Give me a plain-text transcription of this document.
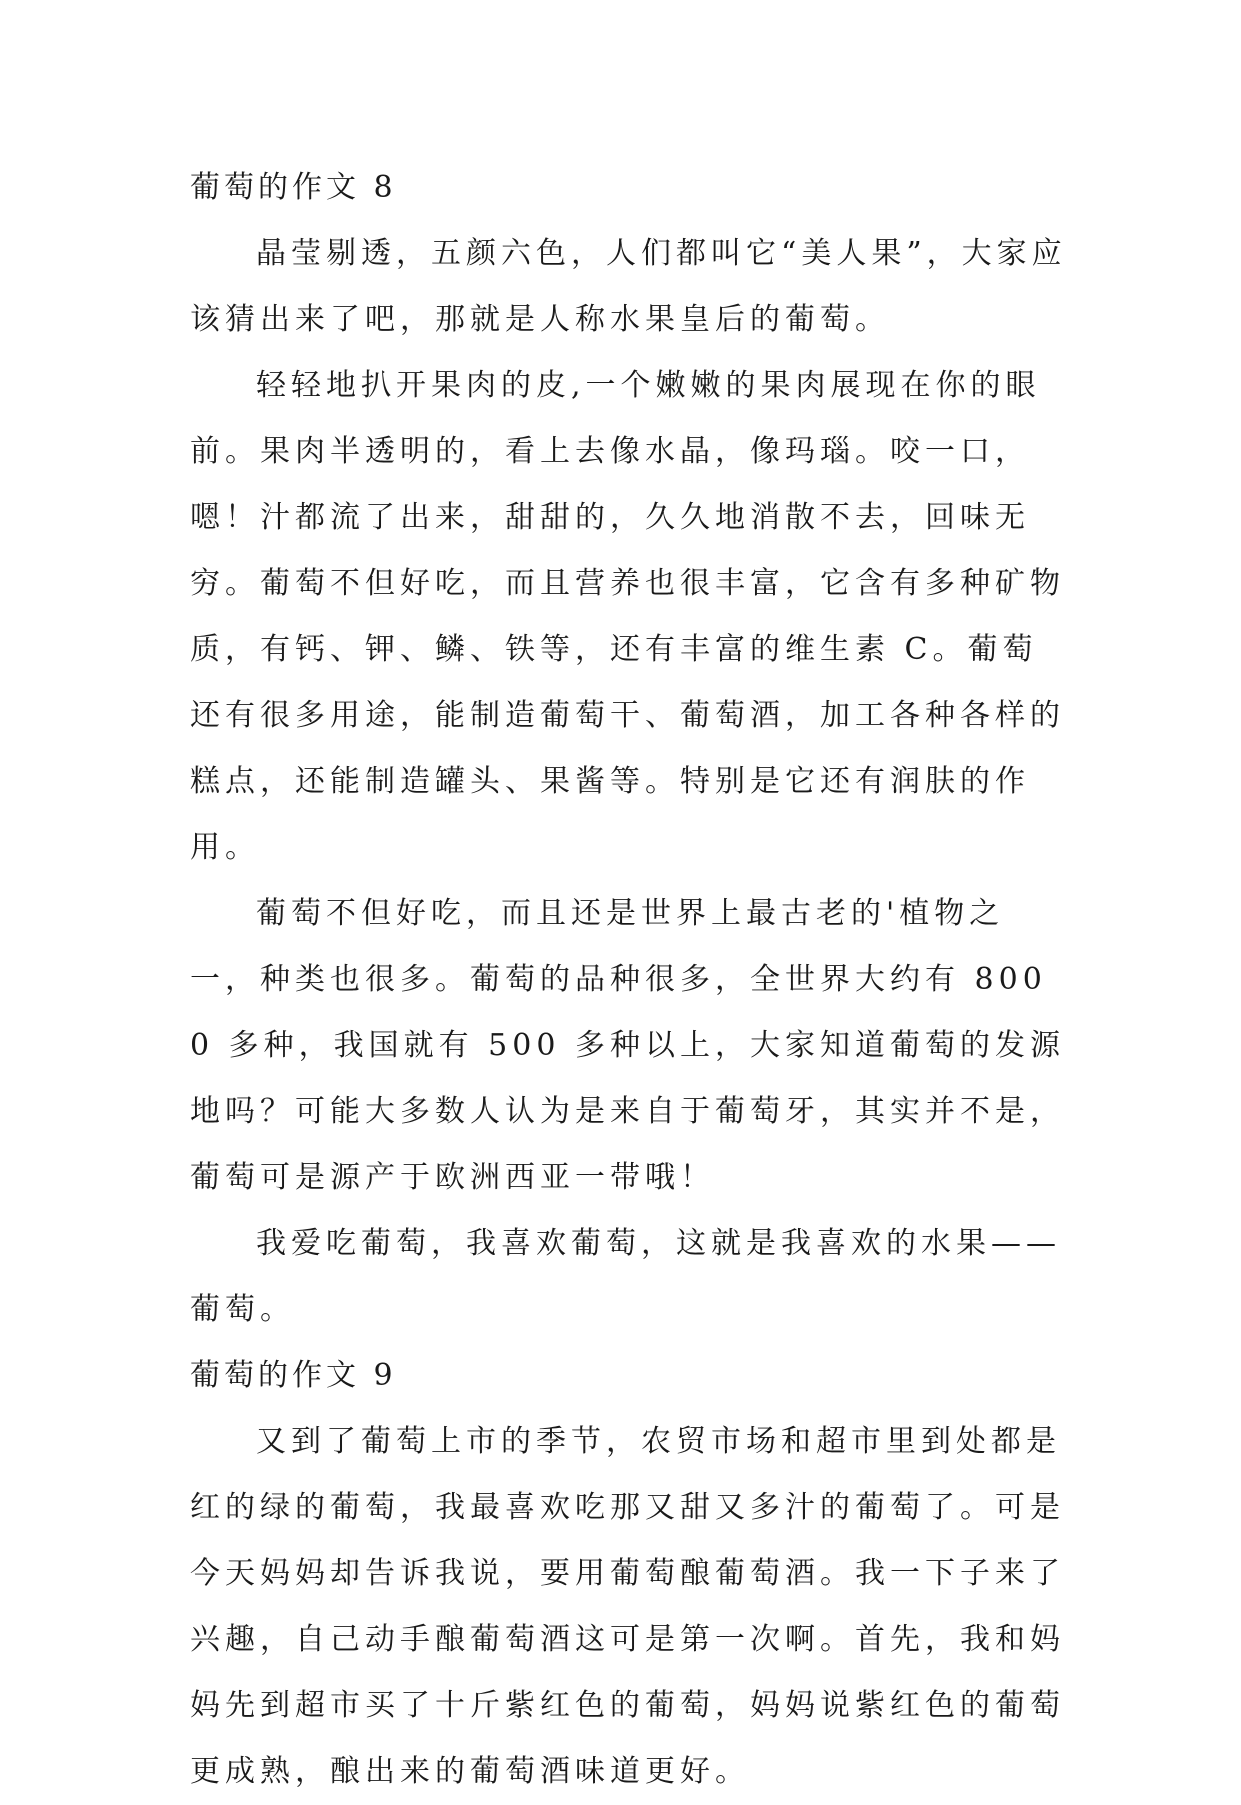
葡萄的作文 8

晶莹剔透，五颜六色，人们都叫它“美人果”，大家应该猜出来了吧，那就是人称水果皇后的葡萄。

轻轻地扒开果肉的皮,一个嫩嫩的果肉展现在你的眼前。果肉半透明的，看上去像水晶，像玛瑙。咬一口，嗯！汁都流了出来，甜甜的，久久地消散不去，回味无穷。葡萄不但好吃，而且营养也很丰富，它含有多种矿物质，有钙、钾、鳞、铁等，还有丰富的维生素 C。葡萄还有很多用途，能制造葡萄干、葡萄酒，加工各种各样的糕点，还能制造罐头、果酱等。特别是它还有润肤的作用。

葡萄不但好吃，而且还是世界上最古老的'植物之一，种类也很多。葡萄的品种很多，全世界大约有 8000 多种，我国就有 500 多种以上，大家知道葡萄的发源地吗？可能大多数人认为是来自于葡萄牙，其实并不是，葡萄可是源产于欧洲西亚一带哦！

我爱吃葡萄，我喜欢葡萄，这就是我喜欢的水果——葡萄。

葡萄的作文 9

又到了葡萄上市的季节，农贸市场和超市里到处都是红的绿的葡萄，我最喜欢吃那又甜又多汁的葡萄了。可是今天妈妈却告诉我说，要用葡萄酿葡萄酒。我一下子来了兴趣，自己动手酿葡萄酒这可是第一次啊。首先，我和妈妈先到超市买了十斤紫红色的葡萄，妈妈说紫红色的葡萄更成熟，酿出来的葡萄酒味道更好。
